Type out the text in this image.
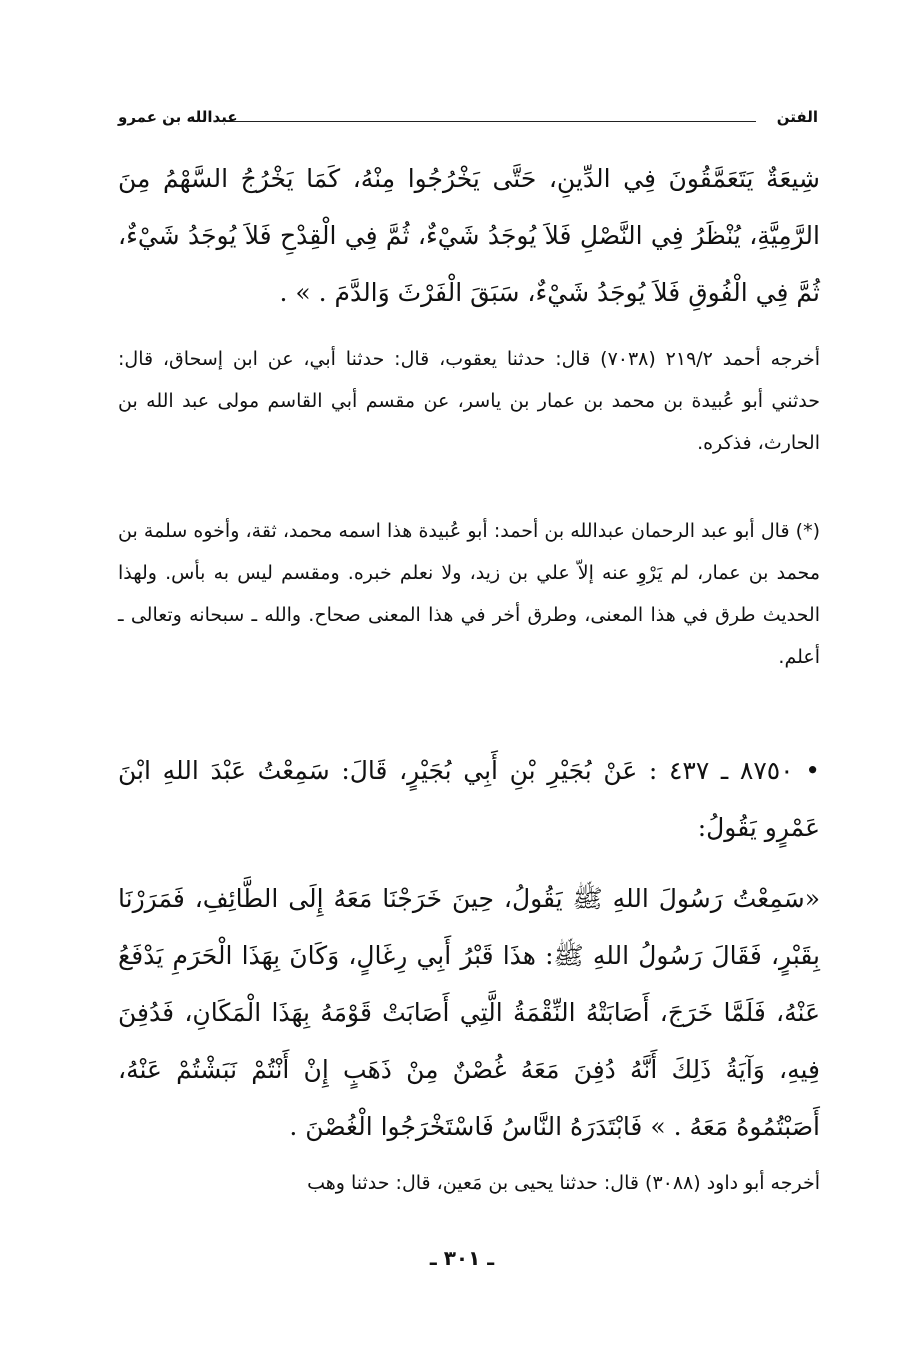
الفتن
عبدالله بن عمرو
شِيعَةٌ يَتَعَمَّقُونَ فِي الدِّينِ، حَتَّى يَخْرُجُوا مِنْهُ، كَمَا يَخْرُجُ السَّهْمُ مِنَ الرَّمِيَّةِ، يُنْظَرُ فِي النَّصْلِ فَلاَ يُوجَدُ شَيْءٌ، ثُمَّ فِي الْقِدْحِ فَلاَ يُوجَدُ شَيْءٌ، ثُمَّ فِي الْفُوقِ فَلاَ يُوجَدُ شَيْءٌ، سَبَقَ الْفَرْثَ وَالدَّمَ . » .
أخرجه أحمد ٢١٩/٢ (٧٠٣٨) قال: حدثنا يعقوب، قال: حدثنا أبي، عن ابن إسحاق، قال: حدثني أبو عُبيدة بن محمد بن عمار بن ياسر، عن مقسم أبي القاسم مولى عبد الله بن الحارث، فذكره.
(*) قال أبو عبد الرحمان عبدالله بن أحمد: أبو عُبيدة هذا اسمه محمد، ثقة، وأخوه سلمة بن محمد بن عمار، لم يَرْوِ عنه إلاّ علي بن زيد، ولا نعلم خبره. ومقسم ليس به بأس. ولهذا الحديث طرق في هذا المعنى، وطرق أخر في هذا المعنى صحاح. والله ـ سبحانه وتعالى ـ أعلم.
• ٨٧٥٠ ـ ٤٣٧ : عَنْ بُجَيْرِ بْنِ أَبِي بُجَيْرٍ، قَالَ: سَمِعْتُ عَبْدَ اللهِ ابْنَ عَمْرٍو يَقُولُ:
«سَمِعْتُ رَسُولَ اللهِ ﷺ يَقُولُ، حِينَ خَرَجْنَا مَعَهُ إِلَى الطَّائِفِ، فَمَرَرْنَا بِقَبْرٍ، فَقَالَ رَسُولُ اللهِ ﷺ: هذَا قَبْرُ أَبِي رِغَالٍ، وَكَانَ بِهَذَا الْحَرَمِ يَدْفَعُ عَنْهُ، فَلَمَّا خَرَجَ، أَصَابَتْهُ النِّقْمَةُ الَّتِي أَصَابَتْ قَوْمَهُ بِهَذَا الْمَكَانِ، فَدُفِنَ فِيهِ، وَآيَةُ ذَلِكَ أَنَّهُ دُفِنَ مَعَهُ غُصْنٌ مِنْ ذَهَبٍ إِنْ أَنْتُمْ نَبَشْتُمْ عَنْهُ، أَصَبْتُمُوهُ مَعَهُ . » فَابْتَدَرَهُ النَّاسُ فَاسْتَخْرَجُوا الْغُصْنَ .
أخرجه أبو داود (٣٠٨٨) قال: حدثنا يحيى بن مَعين، قال: حدثنا وهب
ـ ٣٠١ ـ
